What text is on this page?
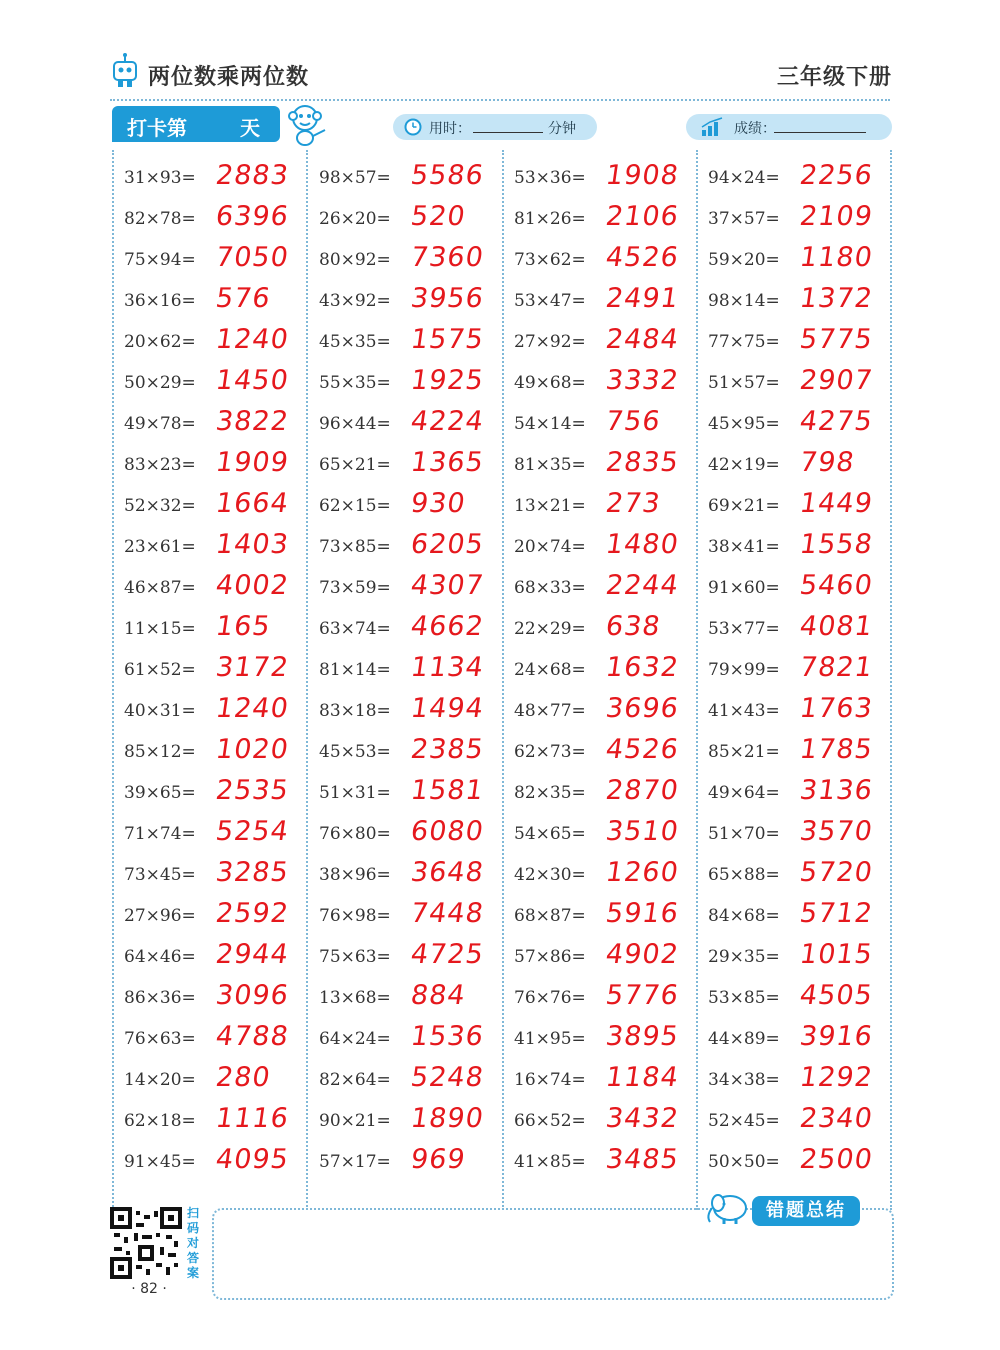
两位数乘两位数	三年级下册
打卡第	天	用时：	分钟	成绩：
31×93= 2883
82×78= 6396
75×94= 7050
36×16= 576
20×62= 1240
50×29= 1450
49×78= 3822
83×23= 1909
52×32= 1664
23×61= 1403
46×87= 4002
11×15= 165
61×52= 3172
40×31= 1240
85×12= 1020
39×65= 2535
71×74= 5254
73×45= 3285
27×96= 2592
64×46= 2944
86×36= 3096
76×63= 4788
14×20= 280
62×18= 1116
91×45= 4095
98×57= 5586
26×20= 520
80×92= 7360
43×92= 3956
45×35= 1575
55×35= 1925
96×44= 4224
65×21= 1365
62×15= 930
73×85= 6205
73×59= 4307
63×74= 4662
81×14= 1134
83×18= 1494
45×53= 2385
51×31= 1581
76×80= 6080
38×96= 3648
76×98= 7448
75×63= 4725
13×68= 884
64×24= 1536
82×64= 5248
90×21= 1890
57×17= 969
53×36= 1908
81×26= 2106
73×62= 4526
53×47= 2491
27×92= 2484
49×68= 3332
54×14= 756
81×35= 2835
13×21= 273
20×74= 1480
68×33= 2244
22×29= 638
24×68= 1632
48×77= 3696
62×73= 4526
82×35= 2870
54×65= 3510
42×30= 1260
68×87= 5916
57×86= 4902
76×76= 5776
41×95= 3895
16×74= 1184
66×52= 3432
41×85= 3485
94×24= 2256
37×57= 2109
59×20= 1180
98×14= 1372
77×75= 5775
51×57= 2907
45×95= 4275
42×19= 798
69×21= 1449
38×41= 1558
91×60= 5460
53×77= 4081
79×99= 7821
41×43= 1763
85×21= 1785
49×64= 3136
51×70= 3570
65×88= 5720
84×68= 5712
29×35= 1015
53×85= 4505
44×89= 3916
34×38= 1292
52×45= 2340
50×50= 2500
扫码对答案
· 82 ·
错题总结
